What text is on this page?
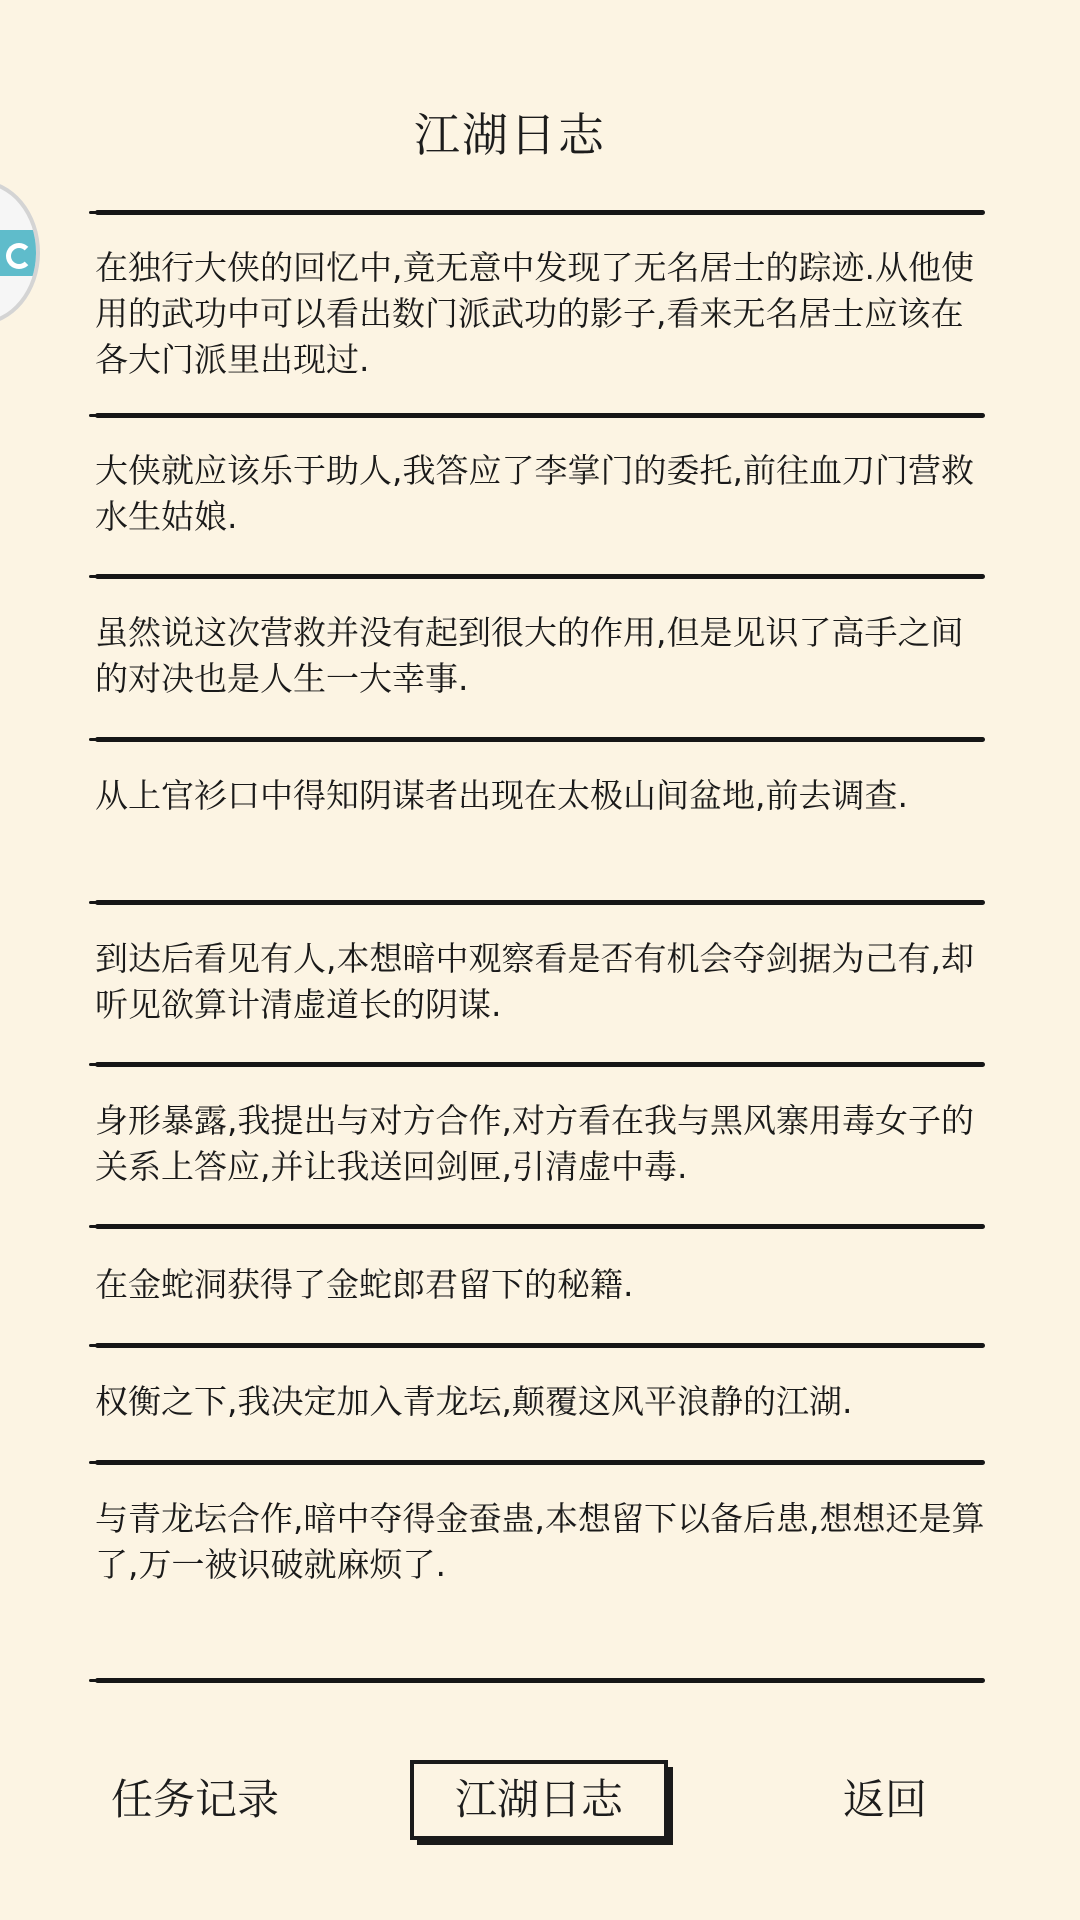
江湖日志

在独行大侠的回忆中,竟无意中发现了无名居士的踪迹.从他使用的武功中可以看出数门派武功的影子,看来无名居士应该在各大门派里出现过.

大侠就应该乐于助人,我答应了李掌门的委托,前往血刀门营救水生姑娘.

虽然说这次营救并没有起到很大的作用,但是见识了高手之间的对决也是人生一大幸事.

从上官衫口中得知阴谋者出现在太极山间盆地,前去调查.

到达后看见有人,本想暗中观察看是否有机会夺剑据为己有,却听见欲算计清虚道长的阴谋.

身形暴露,我提出与对方合作,对方看在我与黑风寨用毒女子的关系上答应,并让我送回剑匣,引清虚中毒.

在金蛇洞获得了金蛇郎君留下的秘籍.

权衡之下,我决定加入青龙坛,颠覆这风平浪静的江湖.

与青龙坛合作,暗中夺得金蚕蛊,本想留下以备后患,想想还是算了,万一被识破就麻烦了.

任务记录	江湖日志	返回
